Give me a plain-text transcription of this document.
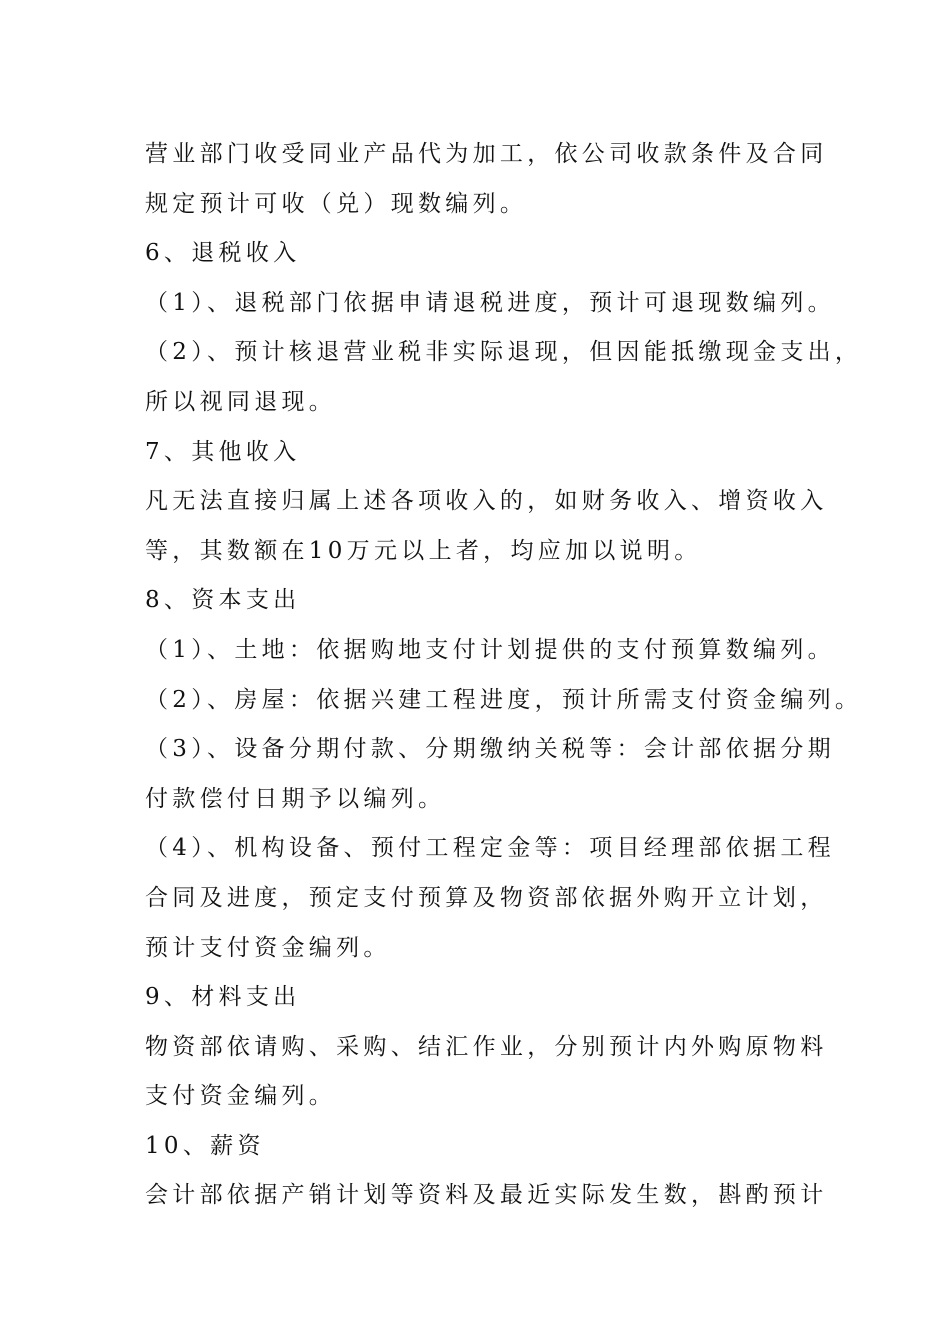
营业部门收受同业产品代为加工，依公司收款条件及合同
规定预计可收（兑）现数编列。
6、退税收入
（1）、退税部门依据申请退税进度，预计可退现数编列。
（2）、预计核退营业税非实际退现，但因能抵缴现金支出，
所以视同退现。
7、其他收入
凡无法直接归属上述各项收入的，如财务收入、增资收入
等，其数额在10万元以上者，均应加以说明。
8、资本支出
（1）、土地：依据购地支付计划提供的支付预算数编列。
（2）、房屋：依据兴建工程进度，预计所需支付资金编列。
（3）、设备分期付款、分期缴纳关税等：会计部依据分期
付款偿付日期予以编列。
（4）、机构设备、预付工程定金等：项目经理部依据工程
合同及进度，预定支付预算及物资部依据外购开立计划，
预计支付资金编列。
9、材料支出
物资部依请购、采购、结汇作业，分别预计内外购原物料
支付资金编列。
10、薪资
会计部依据产销计划等资料及最近实际发生数，斟酌预计
